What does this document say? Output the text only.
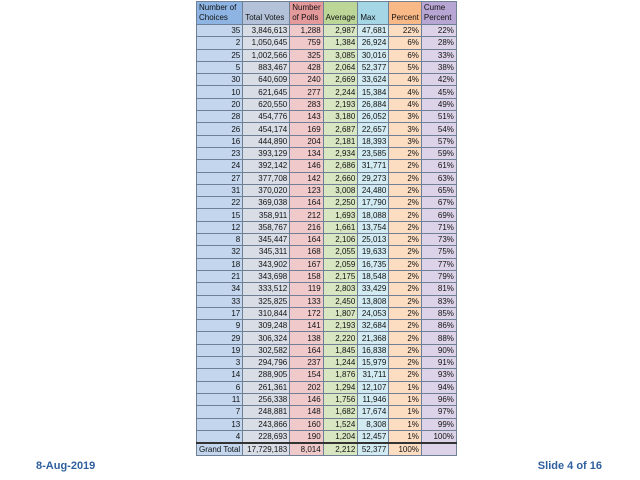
Number of Choices	Total Votes	Number of Polls	Average	Max	Percent	Cume Percent
35	3,846,613	1,288	2,987	47,681	22%	22%
2	1,050,645	759	1,384	26,924	6%	28%
25	1,002,566	325	3,085	30,016	6%	33%
5	883,467	428	2,064	52,377	5%	38%
30	640,609	240	2,669	33,624	4%	42%
10	621,645	277	2,244	15,384	4%	45%
20	620,550	283	2,193	26,884	4%	49%
28	454,776	143	3,180	26,052	3%	51%
26	454,174	169	2,687	22,657	3%	54%
16	444,890	204	2,181	18,393	3%	57%
23	393,129	134	2,934	23,585	2%	59%
24	392,142	146	2,686	31,771	2%	61%
27	377,708	142	2,660	29,273	2%	63%
31	370,020	123	3,008	24,480	2%	65%
22	369,038	164	2,250	17,790	2%	67%
15	358,911	212	1,693	18,088	2%	69%
12	358,767	216	1,661	13,754	2%	71%
8	345,447	164	2,106	25,013	2%	73%
32	345,311	168	2,055	19,633	2%	75%
18	343,902	167	2,059	16,735	2%	77%
21	343,698	158	2,175	18,548	2%	79%
34	333,512	119	2,803	33,429	2%	81%
33	325,825	133	2,450	13,808	2%	83%
17	310,844	172	1,807	24,053	2%	85%
9	309,248	141	2,193	32,684	2%	86%
29	306,324	138	2,220	21,368	2%	88%
19	302,582	164	1,845	16,838	2%	90%
3	294,796	237	1,244	15,979	2%	91%
14	288,905	154	1,876	31,711	2%	93%
6	261,361	202	1,294	12,107	1%	94%
11	256,338	146	1,756	11,946	1%	96%
7	248,881	148	1,682	17,674	1%	97%
13	243,866	160	1,524	8,308	1%	99%
4	228,693	190	1,204	12,457	1%	100%
Grand Total	17,729,183	8,014	2,212	52,377	100%	
8-Aug-2019	Slide 4 of 16
